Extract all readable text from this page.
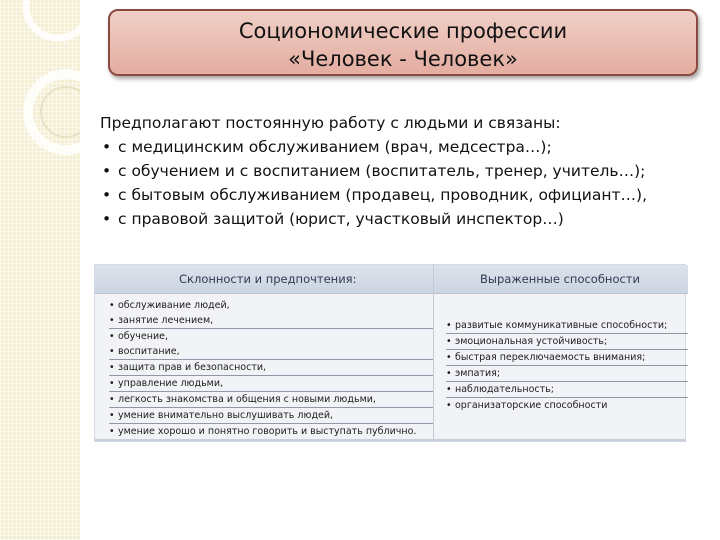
Социономические профессии
«Человек - Человек»
Предполагают постоянную работу с людьми и связаны:
• с медицинским обслуживанием (врач, медсестра…);
• с обучением и с воспитанием (воспитатель, тренер, учитель…);
• с бытовым обслуживанием (продавец, проводник, официант…),
• с правовой защитой (юрист, участковый инспектор…)
Склонности и предпочтения:
• обслуживание людей,
• занятие лечением,
• обучение,
• воспитание,
• защита прав и безопасности,
• управление людьми,
• легкость знакомства и общения с новыми людьми,
• умение внимательно выслушивать людей,
• умение хорошо и понятно говорить и выступать публично.
Выраженные способности
• развитые коммуникативные способности;
• эмоциональная устойчивость;
• быстрая переключаемость внимания;
• эмпатия;
• наблюдательность;
• организаторские способности
